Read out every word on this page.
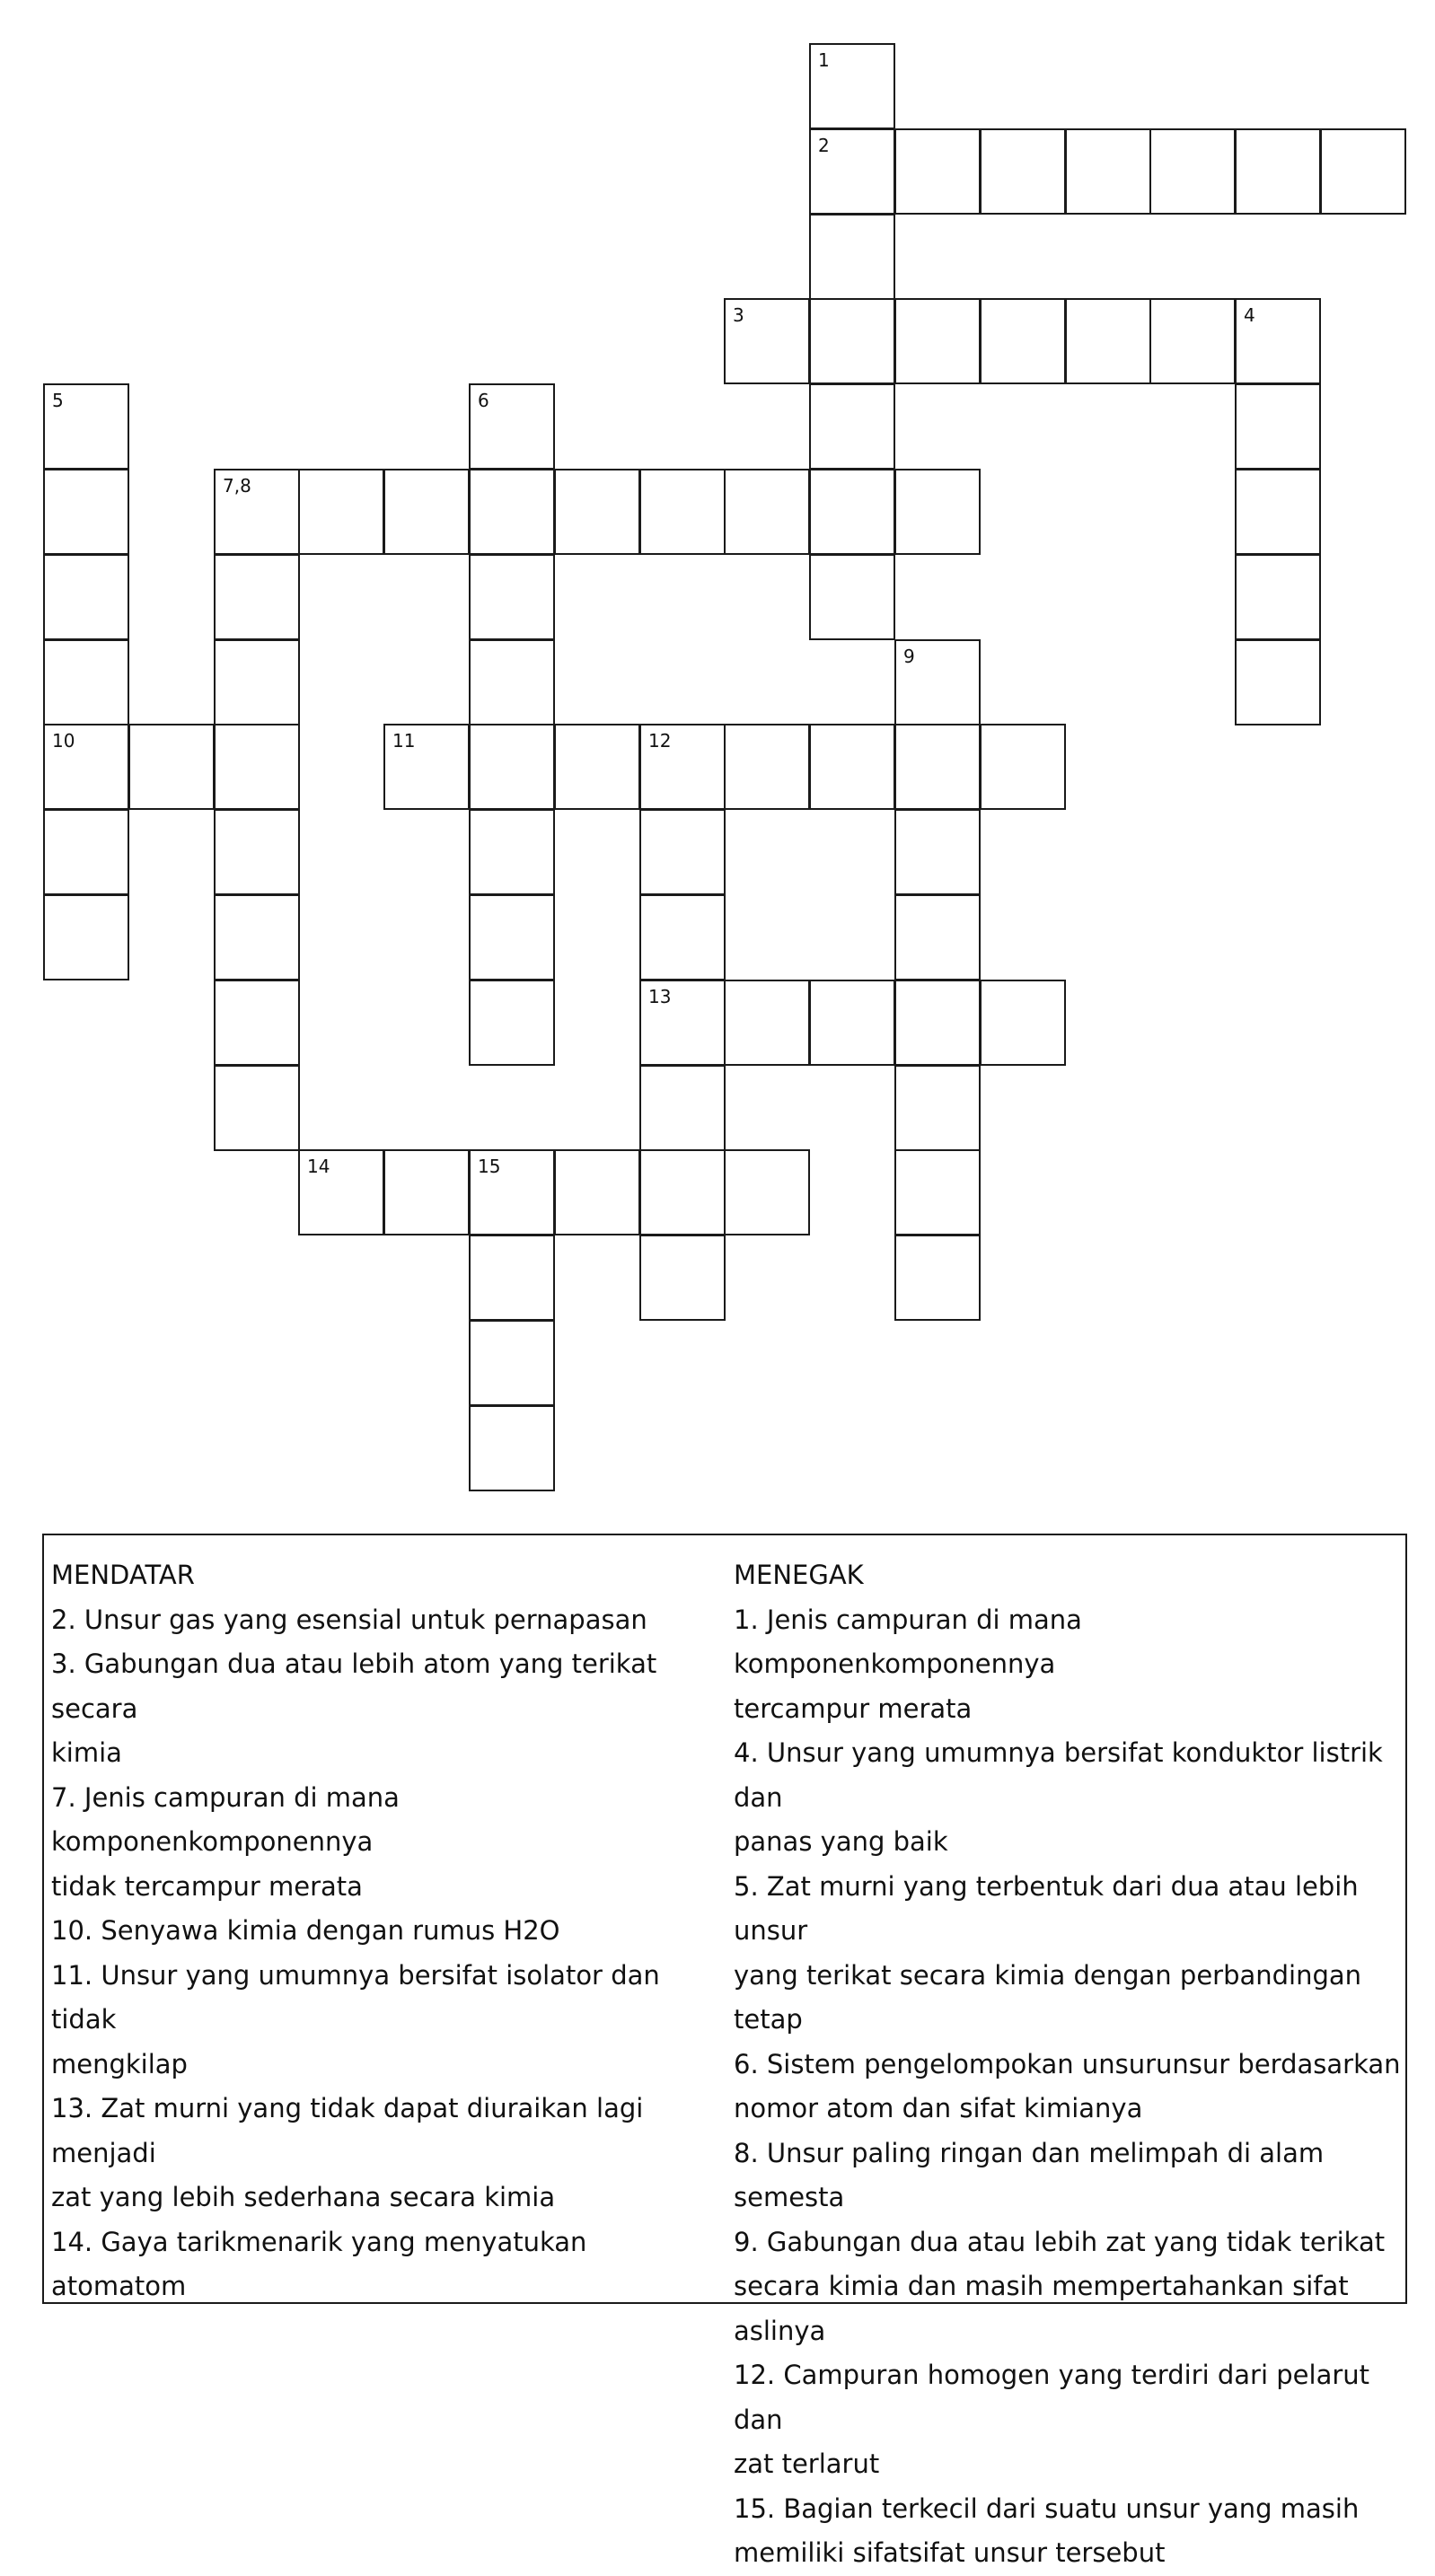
1
2
3	4
5	6
7,8
9
10	11	12
13
14	15
MENDATAR
2. Unsur gas yang esensial untuk pernapasan
3. Gabungan dua atau lebih atom yang terikat secara
kimia
7. Jenis campuran di mana komponenkomponennya
tidak tercampur merata
10. Senyawa kimia dengan rumus H2O
11. Unsur yang umumnya bersifat isolator dan tidak
mengkilap
13. Zat murni yang tidak dapat diuraikan lagi menjadi
zat yang lebih sederhana secara kimia
14. Gaya tarikmenarik yang menyatukan atomatom
MENEGAK
1. Jenis campuran di mana komponenkomponennya
tercampur merata
4. Unsur yang umumnya bersifat konduktor listrik dan
panas yang baik
5. Zat murni yang terbentuk dari dua atau lebih unsur
yang terikat secara kimia dengan perbandingan tetap
6. Sistem pengelompokan unsurunsur berdasarkan
nomor atom dan sifat kimianya
8. Unsur paling ringan dan melimpah di alam semesta
9. Gabungan dua atau lebih zat yang tidak terikat
secara kimia dan masih mempertahankan sifat aslinya
12. Campuran homogen yang terdiri dari pelarut dan
zat terlarut
15. Bagian terkecil dari suatu unsur yang masih
memiliki sifatsifat unsur tersebut
